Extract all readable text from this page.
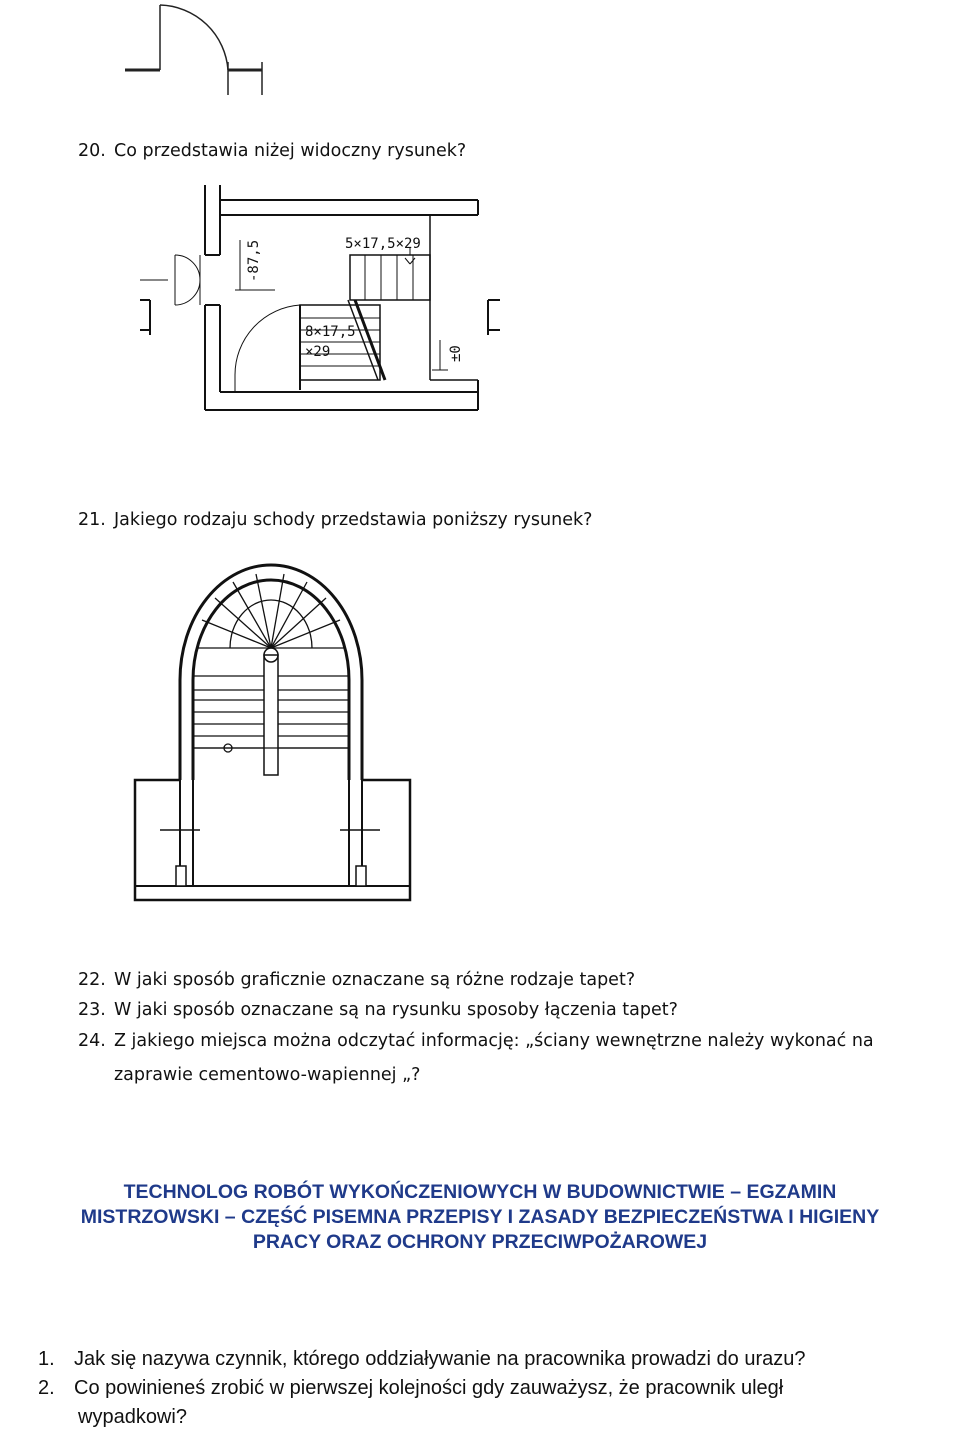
5×17,5×29
-87,5
8×17,5
×29	±0
20. Co przedstawia niżej widoczny rysunek?
21. Jakiego rodzaju schody przedstawia poniższy rysunek?
22. W jaki sposób graficznie oznaczane są różne rodzaje tapet?
23. W jaki sposób oznaczane są na rysunku sposoby łączenia tapet?
24. Z jakiego miejsca można odczytać informację: „ściany wewnętrzne należy wykonać na
zaprawie cementowo-wapiennej „?
TECHNOLOG ROBÓT WYKOŃCZENIOWYCH W BUDOWNICTWIE – EGZAMIN
MISTRZOWSKI – CZĘŚĆ PISEMNA PRZEPISY I ZASADY BEZPIECZEŃSTWA I HIGIENY
PRACY ORAZ OCHRONY PRZECIWPOŻAROWEJ
1. Jak się nazywa czynnik, którego oddziaływanie na pracownika prowadzi do urazu?
2. Co powinieneś zrobić w pierwszej kolejności gdy zauważysz, że pracownik uległ
wypadkowi?
